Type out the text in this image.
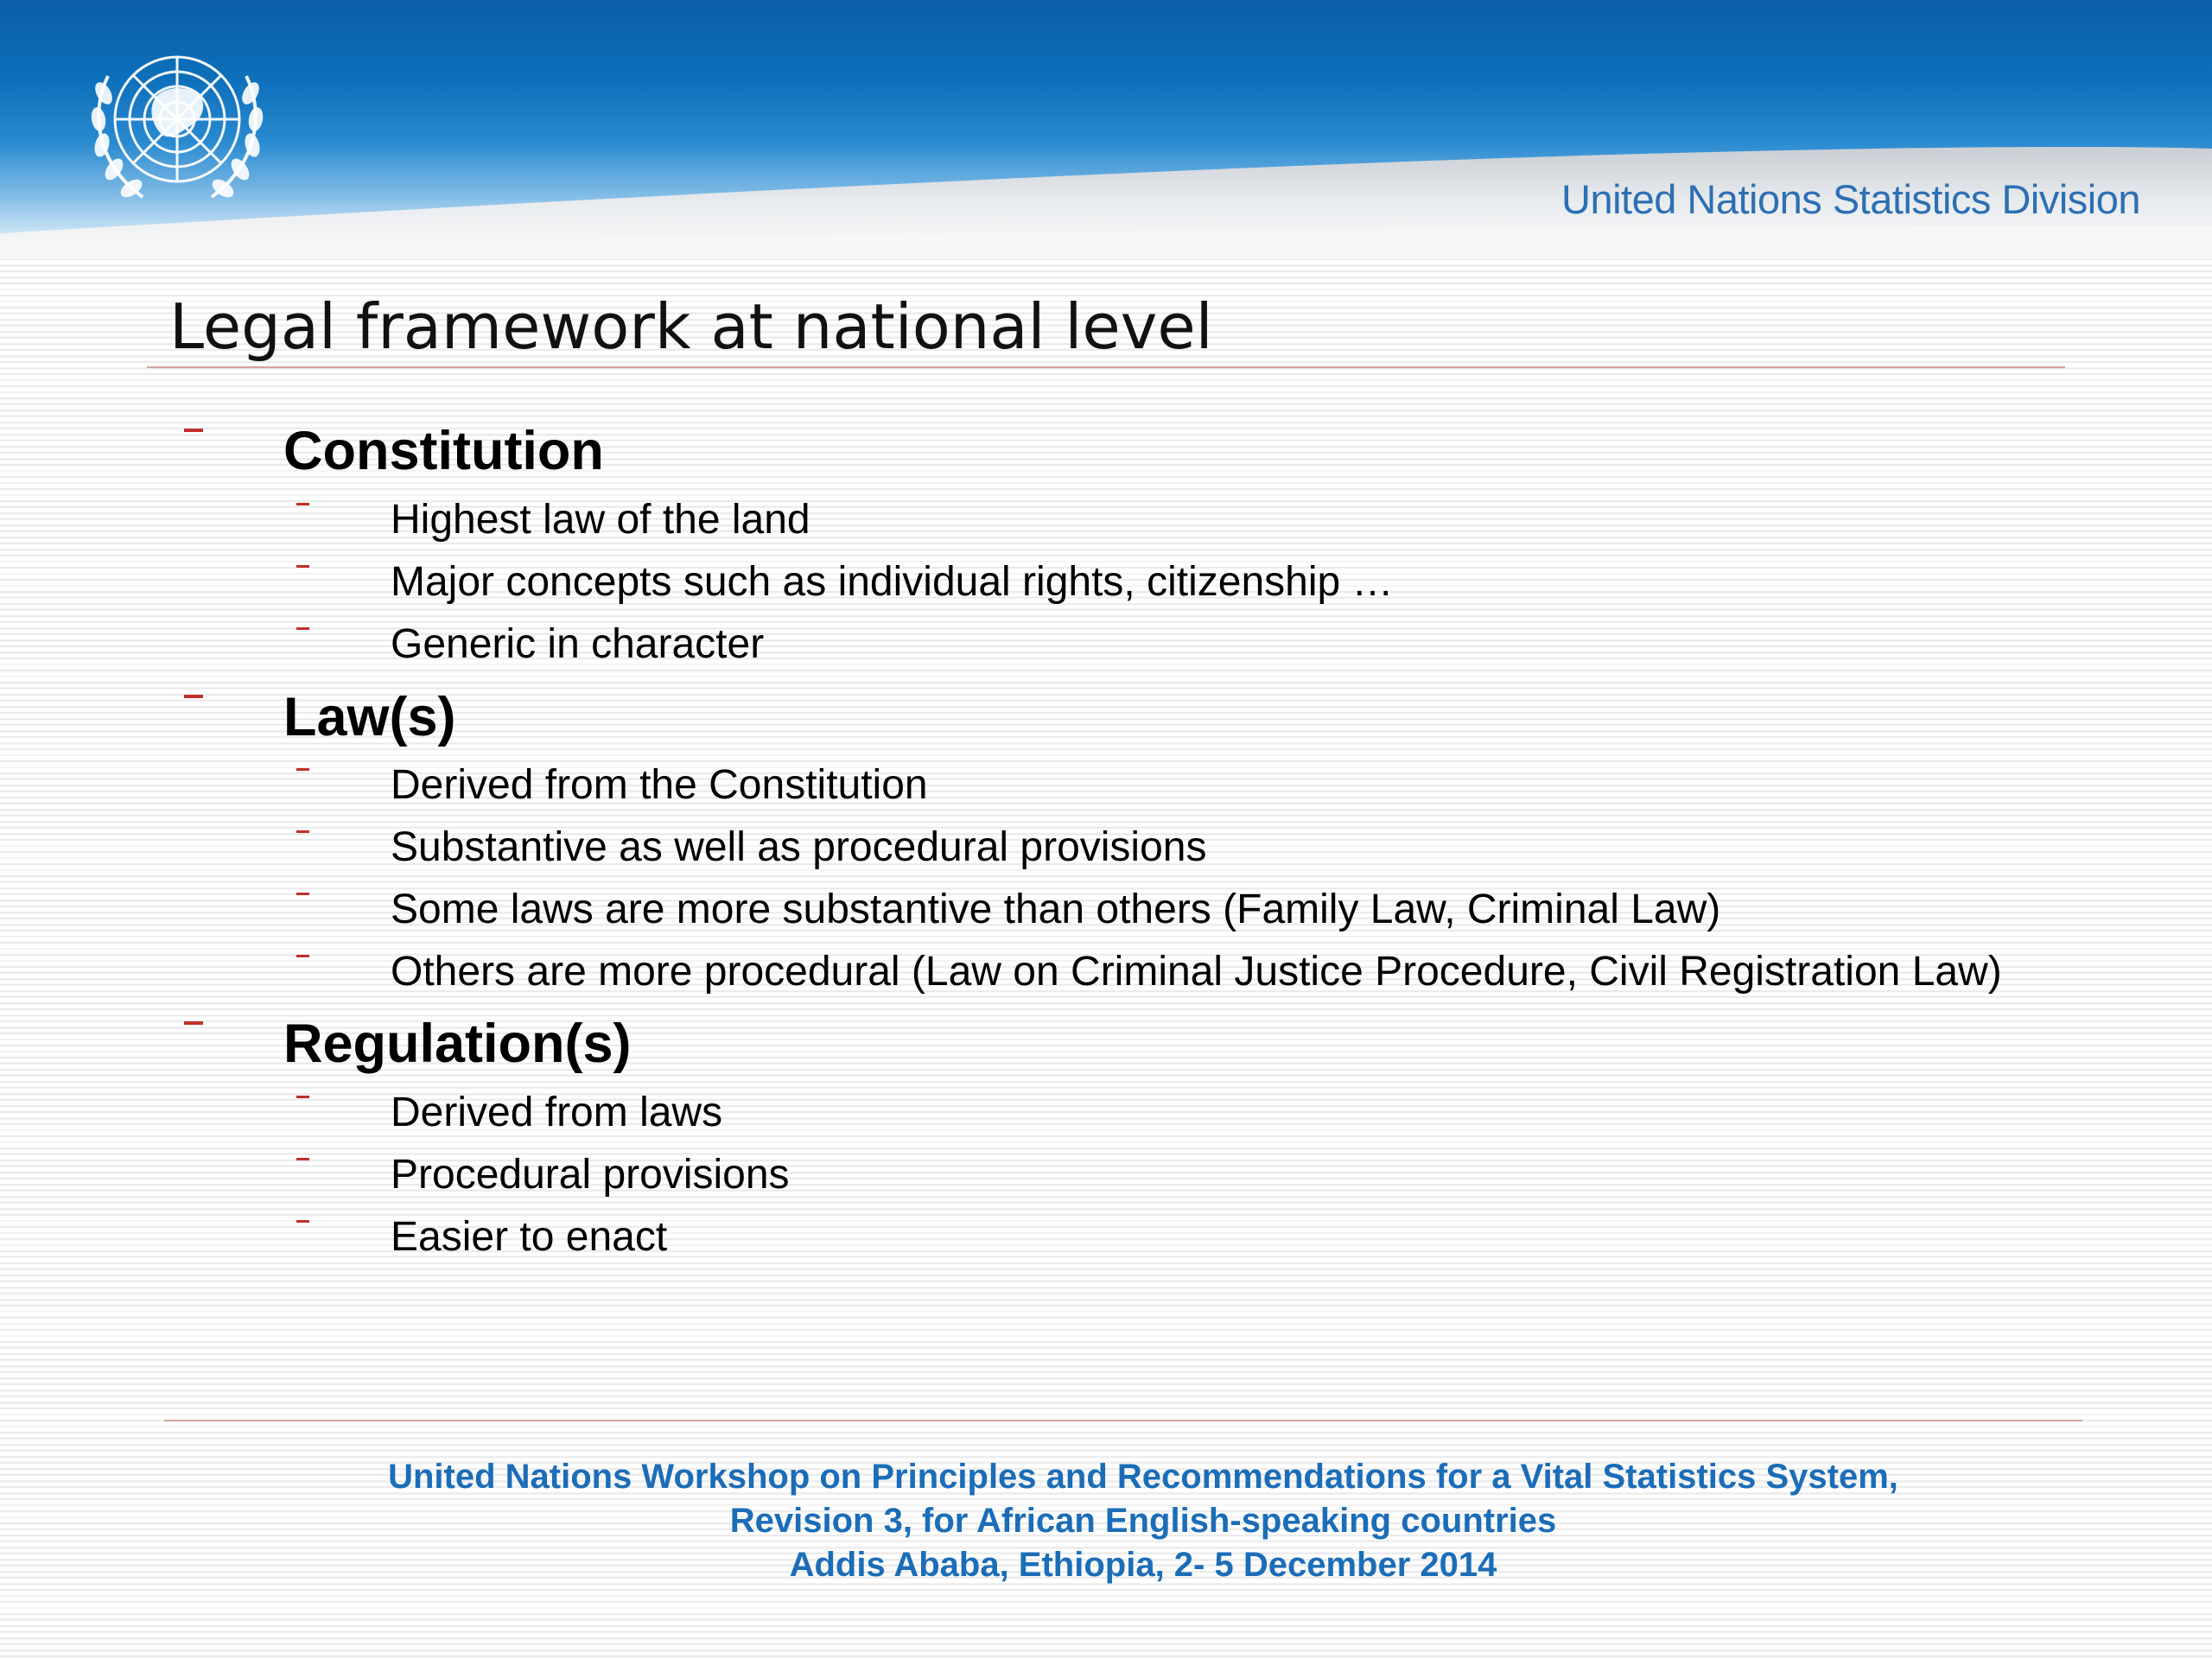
United Nations Statistics Division
Legal framework at national level
Constitution
Highest law of the land
Major concepts such as individual rights, citizenship …
Generic in character
Law(s)
Derived from the Constitution
Substantive as well as procedural provisions
Some laws are more substantive than others (Family Law, Criminal Law)
Others are more procedural (Law on Criminal Justice Procedure, Civil Registration Law)
Regulation(s)
Derived from laws
Procedural provisions
Easier to enact
United Nations Workshop on Principles and Recommendations for a Vital Statistics System,
Revision 3, for African English-speaking countries
Addis Ababa, Ethiopia, 2- 5 December 2014
